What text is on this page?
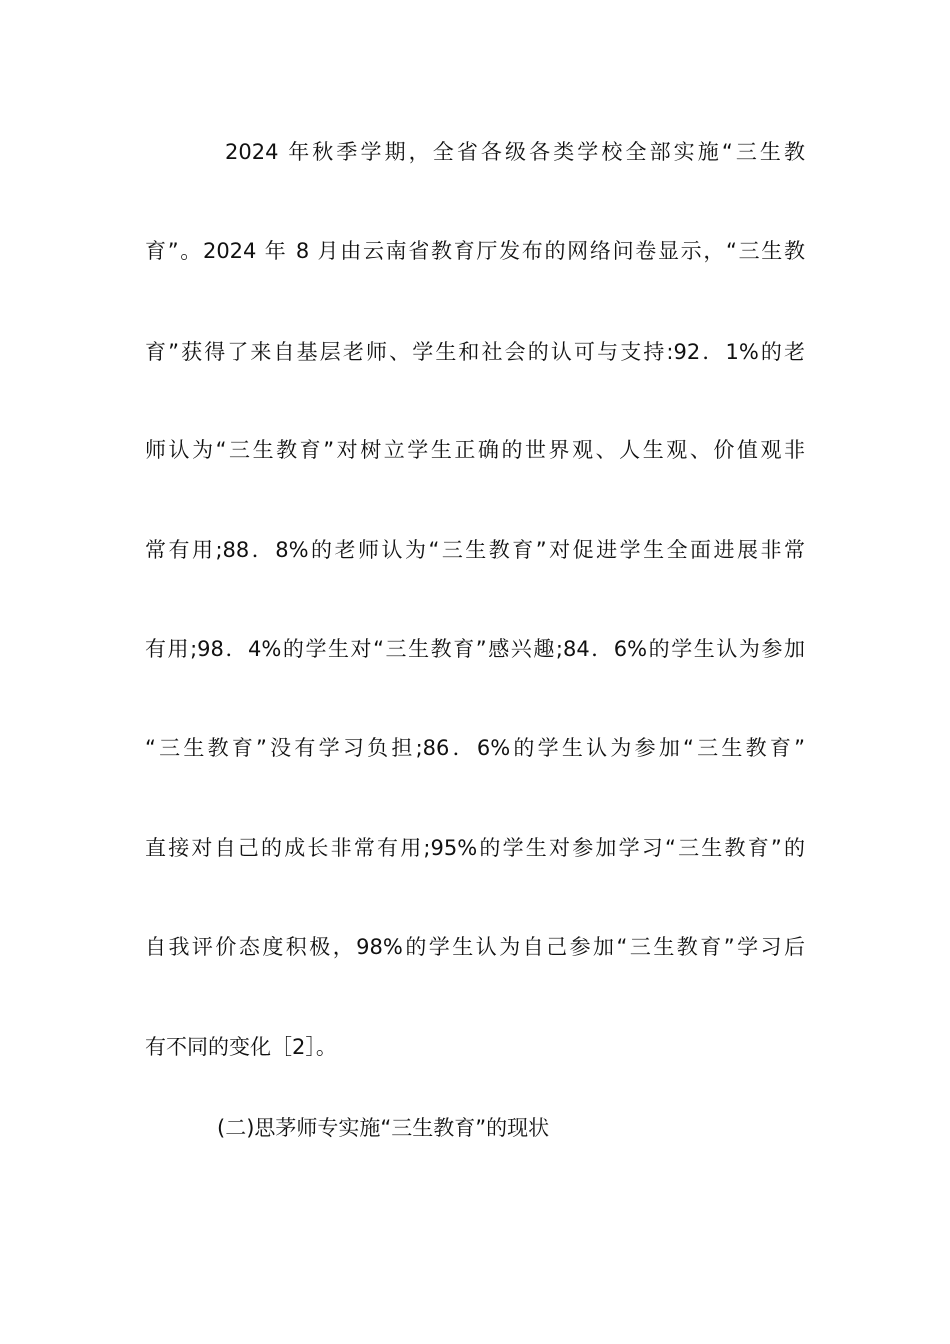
2024 年秋季学期，全省各级各类学校全部实施“三生教
育”。2024 年 8 月由云南省教育厅发布的网络问卷显示，“三生教
育”获得了来自基层老师、学生和社会的认可与支持:92．1%的老
师认为“三生教育”对树立学生正确的世界观、人生观、价值观非
常有用;88．8%的老师认为“三生教育”对促进学生全面进展非常
有用;98．4%的学生对“三生教育”感兴趣;84．6%的学生认为参加
“三生教育”没有学习负担;86．6%的学生认为参加“三生教育”
直接对自己的成长非常有用;95%的学生对参加学习“三生教育”的
自我评价态度积极，98%的学生认为自己参加“三生教育”学习后
有不同的变化［2］。
(二)思茅师专实施“三生教育”的现状
